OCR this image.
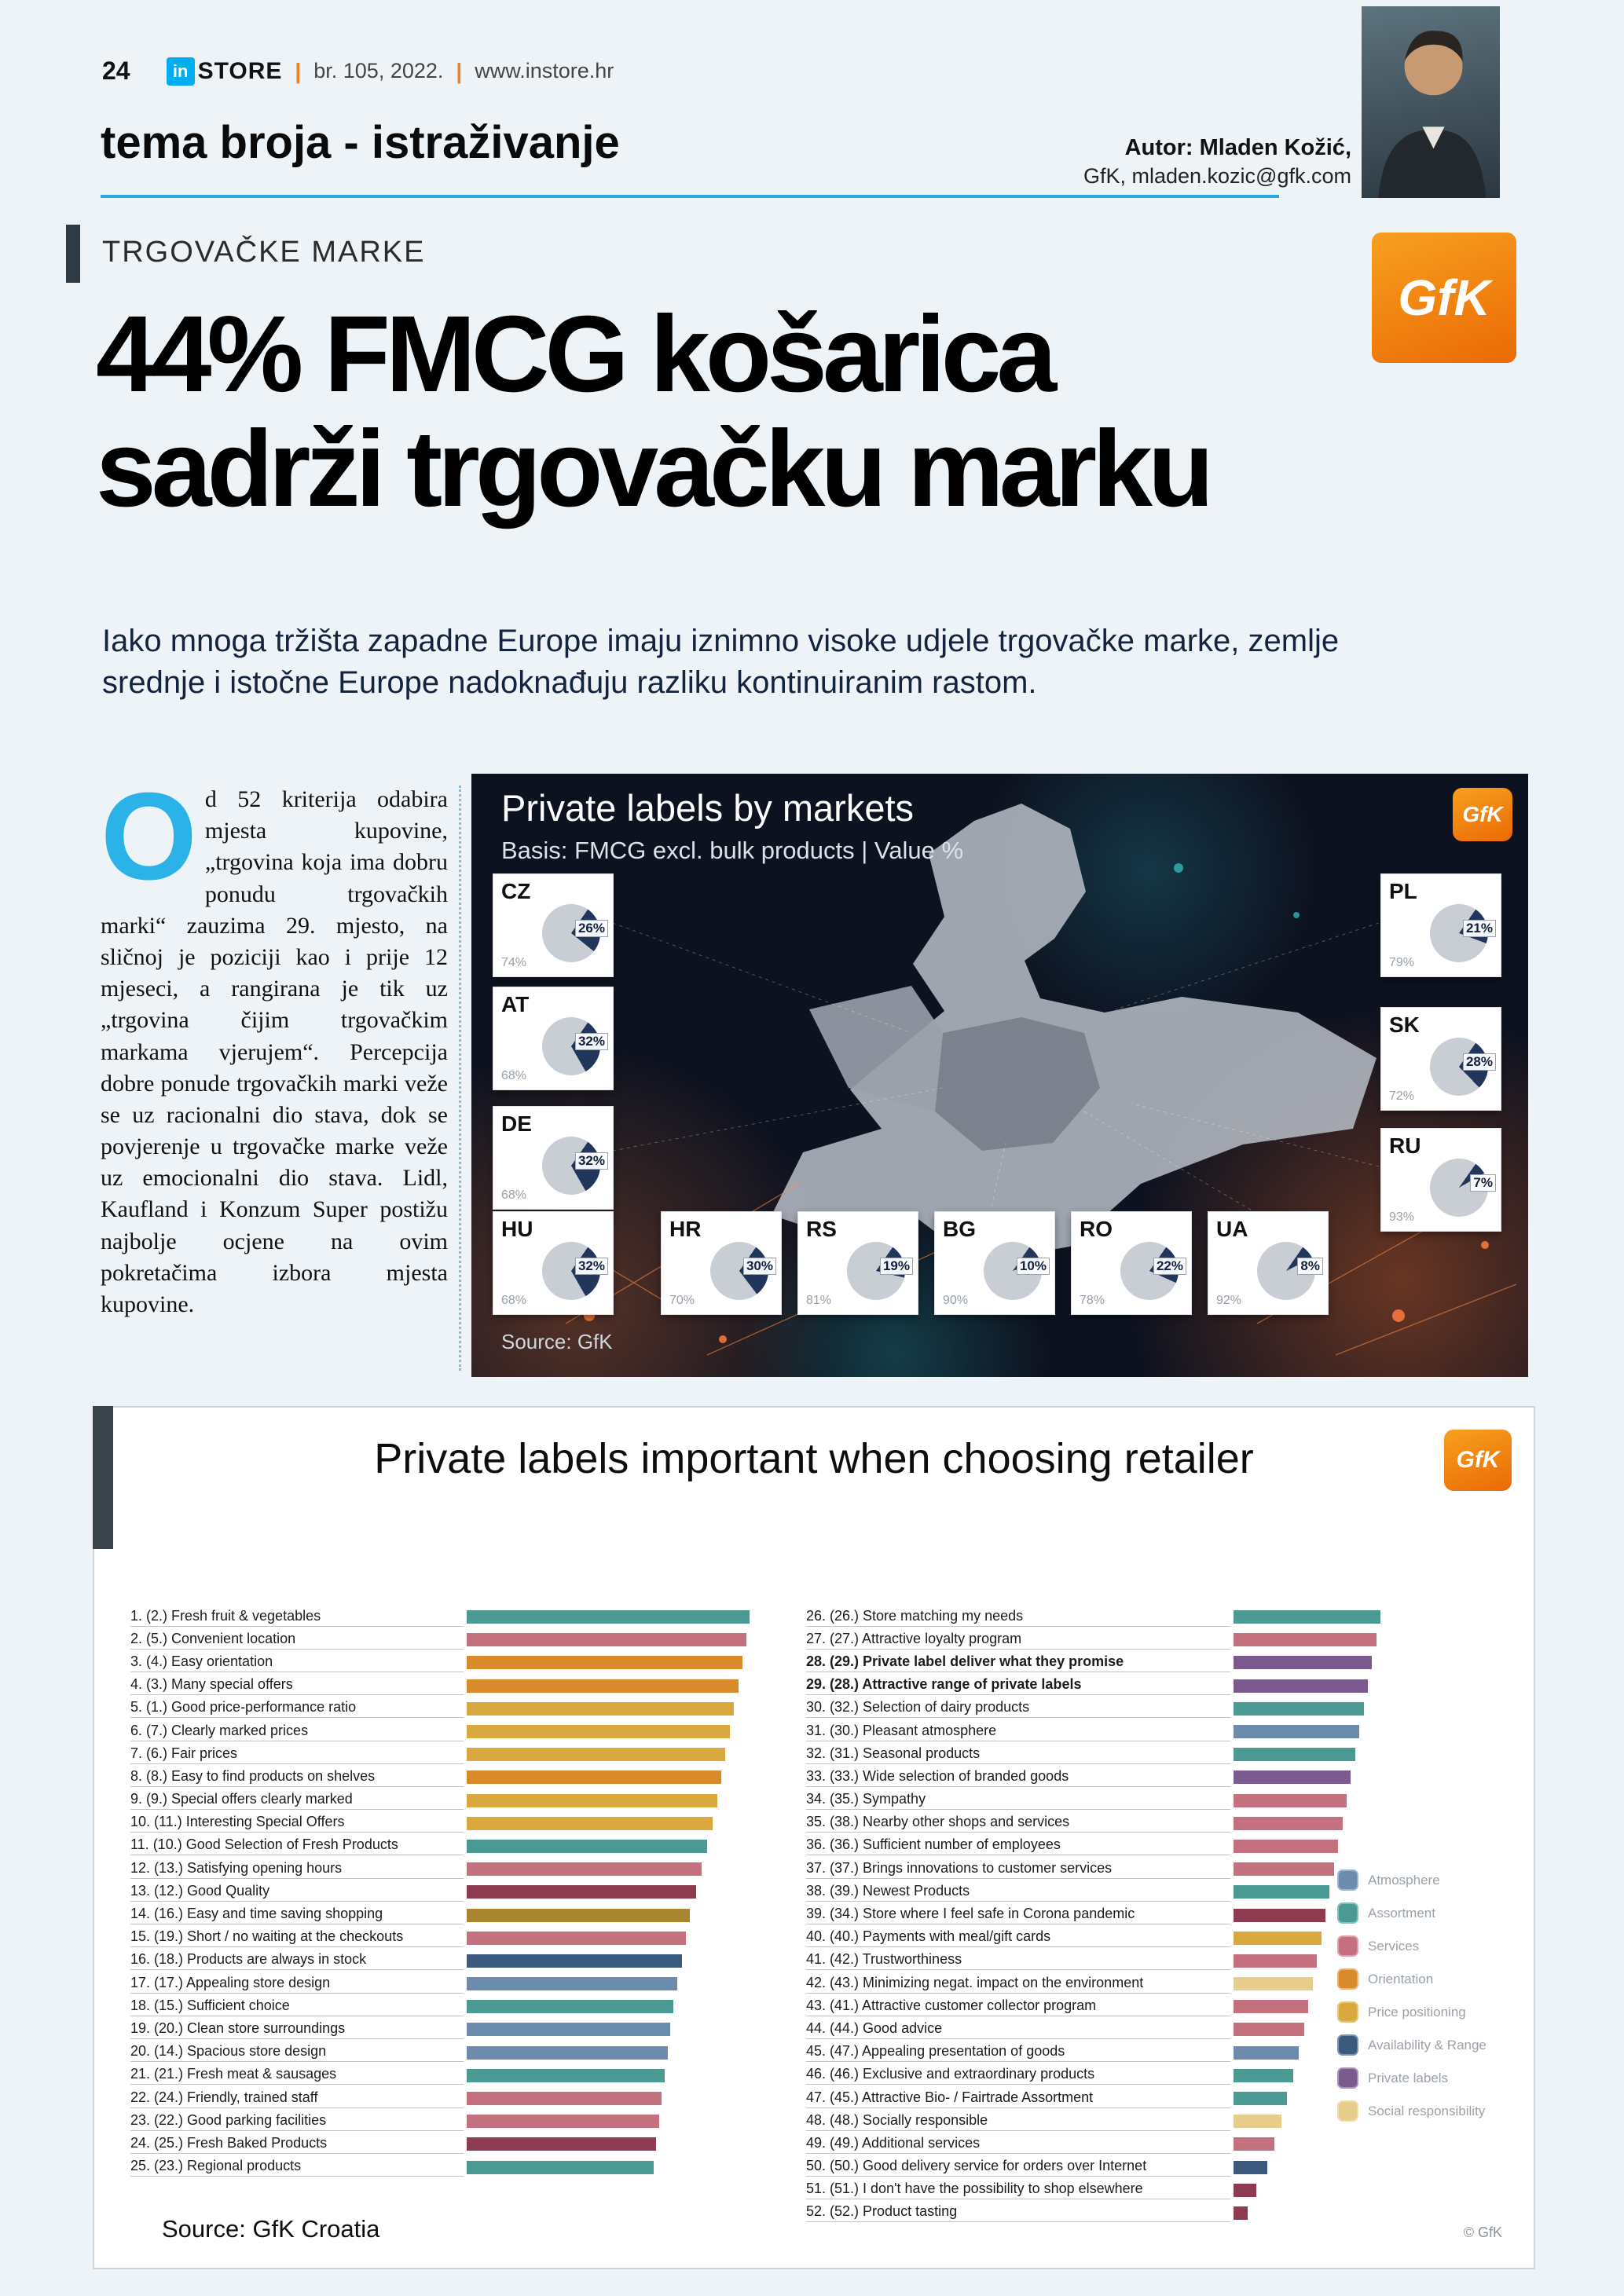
24	in STORE | br. 105, 2022. | www.instore.hr
tema broja - istraživanje	Autor: Mladen Kožić,
GfK, mladen.kozic@gfk.com
TRGOVAČKE MARKE
GfK
44% FMCG košarica
sadrži trgovačku marku
Iako mnoga tržišta zapadne Europe imaju iznimno visoke udjele trgovačke marke, zemlje srednje i istočne Europe nadoknađuju razliku kontinuiranim rastom.
Od 52 kriterija odabira mjesta kupovine, „trgovina koja ima dobru ponudu trgovačkih marki“ zauzima 29. mjesto, na sličnoj je poziciji kao i prije 12 mjeseci, a rangirana je tik uz „trgovina čijim trgovačkim markama vjerujem“. Percepcija dobre ponude trgovačkih marki veže se uz racionalni dio stava, dok se povjerenje u trgovačke marke veže uz emocionalni dio stava. Lidl, Kaufland i Konzum Super postižu najbolje ocjene na ovim pokretačima izbora mjesta kupovine.
Private labels by markets
Basis: FMCG excl. bulk products | Value %
GfK
CZ
26%
74%
AT
32%
68%
DE
32%
68%
HU
32%
68%
HR
30%
70%
RS
19%
81%
BG
10%
90%
RO
22%
78%
UA
8%
92%
PL
21%
79%
SK
28%
72%
RU
7%
93%
Source: GfK
Private labels important when choosing retailer	GfK
1. (2.) Fresh fruit & vegetables
2. (5.) Convenient location
3. (4.) Easy orientation
4. (3.) Many special offers
5. (1.) Good price-performance ratio
6. (7.) Clearly marked prices
7. (6.) Fair prices
8. (8.) Easy to find products on shelves
9. (9.) Special offers clearly marked
10. (11.) Interesting Special Offers
11. (10.) Good Selection of Fresh Products
12. (13.) Satisfying opening hours
13. (12.) Good Quality
14. (16.) Easy and time saving shopping
15. (19.) Short / no waiting at the checkouts
16. (18.) Products are always in stock
17. (17.) Appealing store design
18. (15.) Sufficient choice
19. (20.) Clean store surroundings
20. (14.) Spacious store design
21. (21.) Fresh meat & sausages
22. (24.) Friendly, trained staff
23. (22.) Good parking facilities
24. (25.) Fresh Baked Products
25. (23.) Regional products
26. (26.) Store matching my needs
27. (27.) Attractive loyalty program
28. (29.) Private label deliver what they promise
29. (28.) Attractive range of private labels
30. (32.) Selection of dairy products
31. (30.) Pleasant atmosphere
32. (31.) Seasonal products
33. (33.) Wide selection of branded goods
34. (35.) Sympathy
35. (38.) Nearby other shops and services
36. (36.) Sufficient number of employees
37. (37.) Brings innovations to customer services
38. (39.) Newest Products
39. (34.) Store where I feel safe in Corona pandemic
40. (40.) Payments with meal/gift cards
41. (42.) Trustworthiness
42. (43.) Minimizing negat. impact on the environment
43. (41.) Attractive customer collector program
44. (44.) Good advice
45. (47.) Appealing presentation of goods
46. (46.) Exclusive and extraordinary products
47. (45.) Attractive Bio- / Fairtrade Assortment
48. (48.) Socially responsible
49. (49.) Additional services
50. (50.) Good delivery service for orders over Internet
51. (51.) I don't have the possibility to shop elsewhere
52. (52.) Product tasting
Atmosphere
Assortment
Services
Orientation
Price positioning
Availability & Range
Private labels
Social responsibility
Source: GfK Croatia	© GfK
